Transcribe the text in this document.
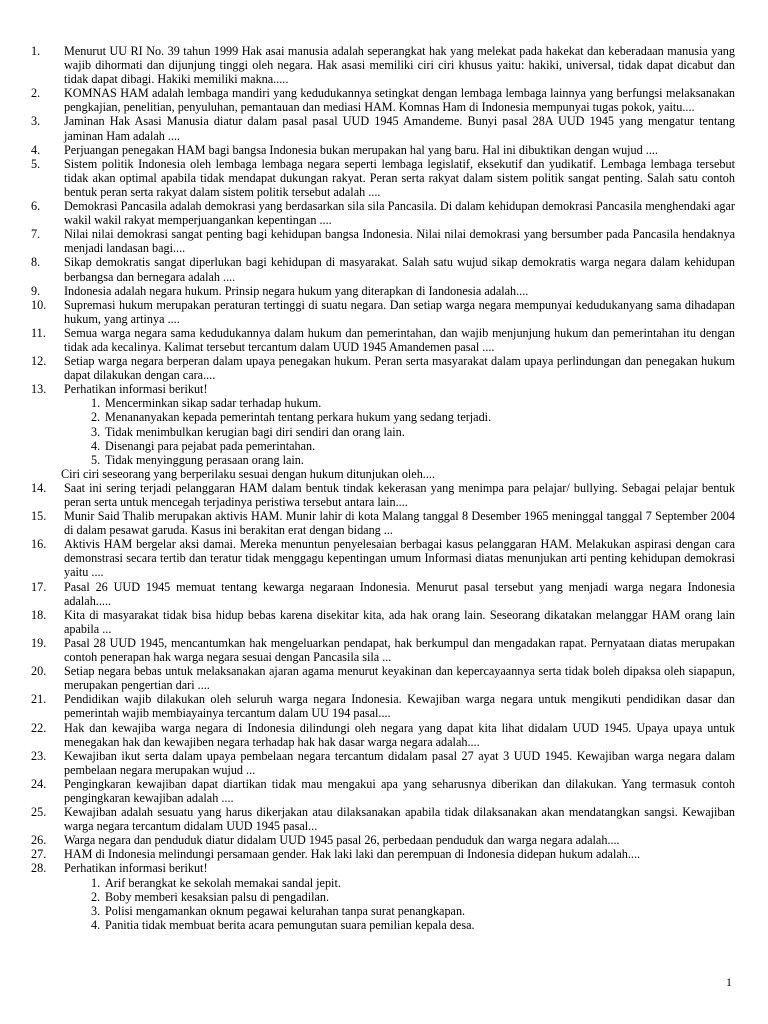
1.	Menurut UU RI No. 39 tahun 1999 Hak asai manusia adalah seperangkat hak yang melekat pada hakekat dan keberadaan manusia yang wajib dihormati dan dijunjung tinggi oleh negara. Hak asasi memiliki ciri ciri khusus yaitu: hakiki, universal, tidak dapat dicabut dan tidak dapat dibagi. Hakiki memiliki makna.....
2.	KOMNAS HAM adalah lembaga mandiri yang kedudukannya setingkat dengan lembaga lembaga lainnya yang berfungsi melaksanakan pengkajian, penelitian, penyuluhan, pemantauan dan mediasi HAM. Komnas Ham di Indonesia mempunyai tugas pokok, yaitu....
3.	Jaminan Hak Asasi Manusia diatur dalam pasal pasal UUD 1945 Amandeme. Bunyi pasal 28A UUD 1945 yang mengatur tentang jaminan Ham adalah ....
4.	Perjuangan penegakan HAM bagi bangsa Indonesia bukan merupakan hal yang baru. Hal ini dibuktikan dengan wujud ....
5.	Sistem politik Indonesia oleh lembaga lembaga negara seperti lembaga legislatif, eksekutif dan yudikatif. Lembaga lembaga tersebut tidak akan optimal apabila tidak mendapat dukungan rakyat. Peran serta rakyat dalam sistem politik sangat penting. Salah satu contoh bentuk peran serta rakyat dalam sistem politik tersebut adalah ....
6.	Demokrasi Pancasila adalah demokrasi yang berdasarkan sila sila Pancasila. Di dalam kehidupan demokrasi Pancasila menghendaki agar wakil wakil rakyat memperjuangankan kepentingan ....
7.	Nilai nilai demokrasi sangat penting bagi kehidupan bangsa Indonesia. Nilai nilai demokrasi yang bersumber pada Pancasila hendaknya menjadi landasan bagi....
8.	Sikap demokratis sangat diperlukan bagi kehidupan di masyarakat. Salah satu wujud sikap demokratis warga negara dalam kehidupan berbangsa dan bernegara adalah ....
9.	Indonesia adalah negara hukum. Prinsip negara hukum yang diterapkan di Iandonesia adalah....
10.	Supremasi hukum merupakan peraturan tertinggi di suatu negara. Dan setiap warga negara mempunyai kedudukanyang sama dihadapan hukum, yang artinya ....
11.	Semua warga negara sama kedudukannya dalam hukum dan pemerintahan, dan wajib menjunjung hukum dan pemerintahan itu dengan tidak ada kecalinya. Kalimat tersebut tercantum dalam UUD 1945 Amandemen pasal ....
12.	Setiap warga negara berperan dalam upaya penegakan hukum. Peran serta masyarakat dalam upaya perlindungan dan penegakan hukum dapat dilakukan dengan cara....
13.	Perhatikan informasi berikut!
1. Mencerminkan sikap sadar terhadap hukum.
2. Menananyakan kepada pemerintah tentang perkara hukum yang sedang terjadi.
3. Tidak menimbulkan kerugian bagi diri sendiri dan orang lain.
4. Disenangi para pejabat pada pemerintahan.
5. Tidak menyinggung perasaan orang lain.
Ciri ciri seseorang yang berperilaku sesuai dengan hukum ditunjukan oleh....
14.	Saat ini sering terjadi pelanggaran HAM dalam bentuk tindak kekerasan yang menimpa para pelajar/ bullying. Sebagai pelajar bentuk peran serta untuk mencegah terjadinya peristiwa tersebut antara lain....
15.	Munir Said Thalib merupakan aktivis HAM. Munir lahir di kota Malang tanggal 8 Desember 1965 meninggal tanggal 7 September 2004 di dalam pesawat garuda. Kasus ini berakitan erat dengan bidang ...
16.	Aktivis HAM bergelar aksi damai. Mereka menuntun penyelesaian berbagai kasus pelanggaran HAM. Melakukan aspirasi dengan cara demonstrasi secara tertib dan teratur tidak menggagu kepentingan umum Informasi diatas menunjukan arti penting kehidupan demokrasi yaitu ....
17.	Pasal 26 UUD 1945 memuat tentang kewarga negaraan Indonesia. Menurut pasal tersebut yang menjadi warga negara Indonesia adalah.....
18.	Kita di masyarakat tidak bisa hidup bebas karena disekitar kita, ada hak orang lain. Seseorang dikatakan melanggar HAM orang lain apabila ...
19.	Pasal 28 UUD 1945, mencantumkan hak mengeluarkan pendapat, hak berkumpul dan mengadakan rapat. Pernyataan diatas merupakan contoh penerapan hak warga negara sesuai dengan Pancasila sila ...
20.	Setiap negara bebas untuk melaksanakan ajaran agama menurut keyakinan dan kepercayaannya serta tidak boleh dipaksa oleh siapapun, merupakan pengertian dari ....
21.	Pendidikan wajib dilakukan oleh seluruh warga negara Indonesia. Kewajiban warga negara untuk mengikuti pendidikan dasar dan pemerintah wajib membiayainya tercantum dalam UU 194 pasal....
22.	Hak dan kewajiba warga negara di Indonesia dilindungi oleh negara yang dapat kita lihat didalam UUD 1945. Upaya upaya untuk menegakan hak dan kewajiben negara terhadap hak hak dasar warga negara adalah....
23.	Kewajiban ikut serta dalam upaya pembelaan negara tercantum didalam pasal 27 ayat 3 UUD 1945. Kewajiban warga negara dalam pembelaan negara merupakan wujud ...
24.	Pengingkaran kewajiban dapat diartikan tidak mau mengakui apa yang seharusnya diberikan dan dilakukan. Yang termasuk contoh pengingkaran kewajiban adalah ....
25.	Kewajiban adalah sesuatu yang harus dikerjakan atau dilaksanakan apabila tidak dilaksanakan akan mendatangkan sangsi. Kewajiban warga negara tercantum didalam UUD 1945 pasal...
26.	Warga negara dan penduduk diatur didalam UUD 1945 pasal 26, perbedaan penduduk dan warga negara adalah....
27.	HAM di Indonesia melindungi persamaan gender. Hak laki laki dan perempuan di Indonesia didepan hukum adalah....
28.	Perhatikan informasi berikut!
1. Arif berangkat ke sekolah memakai sandal jepit.
2. Boby memberi kesaksian palsu di pengadilan.
3. Polisi mengamankan oknum pegawai kelurahan tanpa surat penangkapan.
4. Panitia tidak membuat berita acara pemungutan suara pemilian kepala desa.
1
